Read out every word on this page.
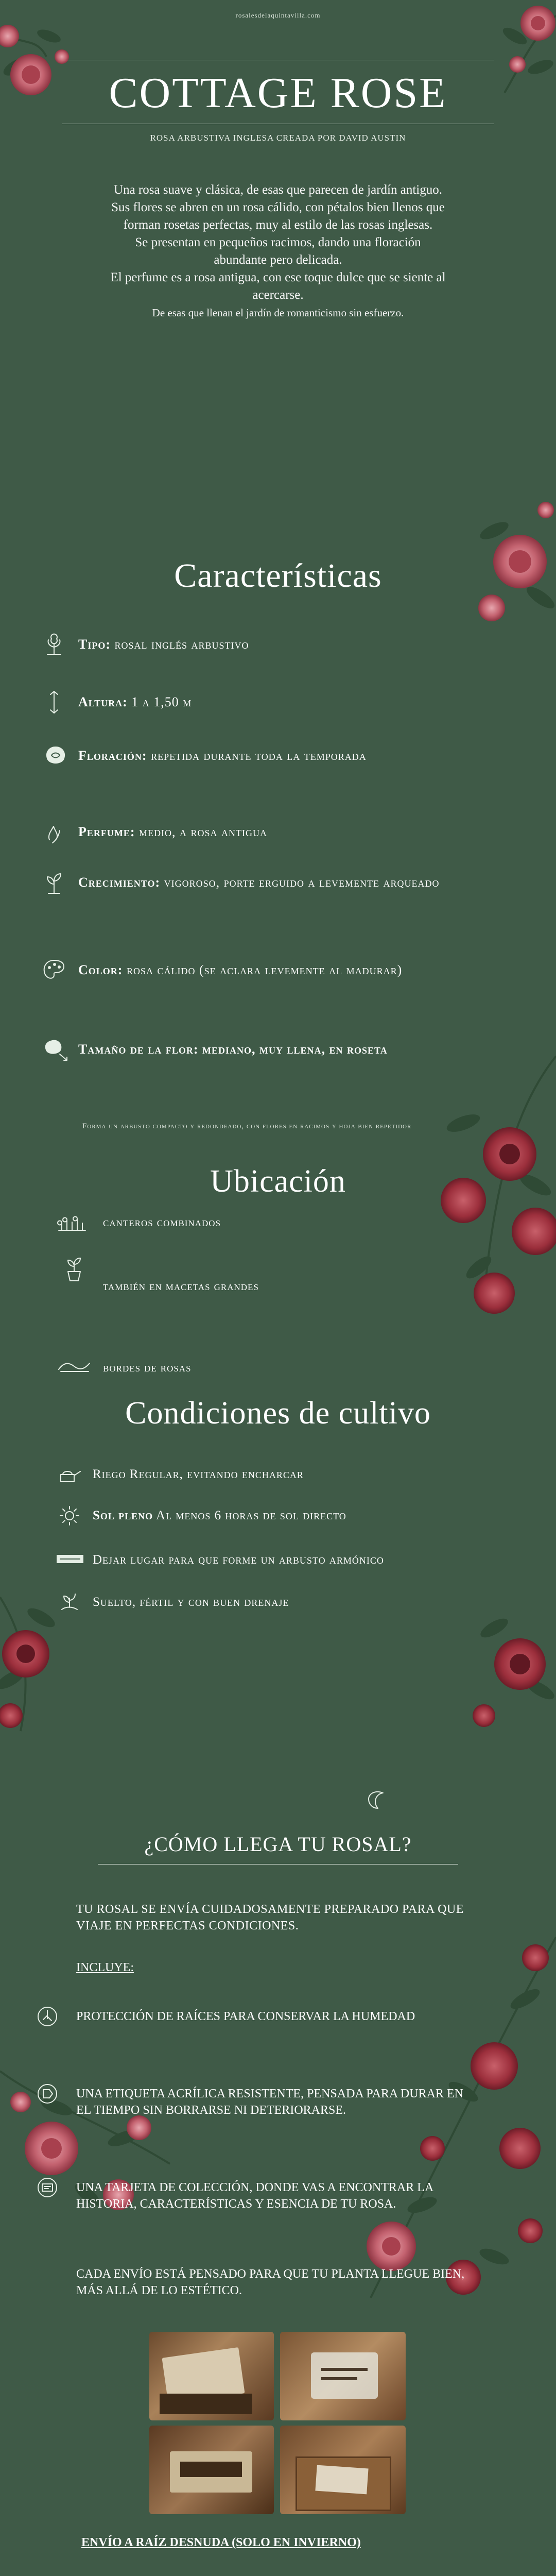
rosalesdelaquintavilla.com
COTTAGE ROSE
ROSA ARBUSTIVA INGLESA CREADA POR DAVID AUSTIN
Una rosa suave y clásica, de esas que parecen de jardín antiguo.
Sus flores se abren en un rosa cálido, con pétalos bien llenos que
forman rosetas perfectas, muy al estilo de las rosas inglesas.
Se presentan en pequeños racimos, dando una floración
abundante pero delicada.
El perfume es a rosa antigua, con ese toque dulce que se siente al
acercarse.
De esas que llenan el jardín de romanticismo sin esfuerzo.
Características
Tipo: rosal inglés arbustivo
Altura: 1 a 1,50 m
Floración: repetida durante toda la temporada
Perfume: medio, a rosa antigua
Crecimiento: vigoroso, porte erguido a levemente arqueado
Color: rosa cálido (se aclara levemente al madurar)
Tamaño de la flor: mediano, muy llena, en roseta
Forma un arbusto compacto y redondeado, con flores en racimos y hoja bien repetidor
Ubicación
canteros combinados
también en macetas grandes
bordes de rosas
Condiciones de cultivo
Riego Regular, evitando encharcar
Sol pleno Al menos 6 horas de sol directo
Dejar lugar para que forme un arbusto armónico
Suelto, fértil y con buen drenaje
¿CÓMO LLEGA TU ROSAL?
TU ROSAL SE ENVÍA CUIDADOSAMENTE PREPARADO PARA QUE VIAJE EN PERFECTAS CONDICIONES.
INCLUYE:
PROTECCIÓN DE RAÍCES PARA CONSERVAR LA HUMEDAD
UNA ETIQUETA ACRÍLICA RESISTENTE, PENSADA PARA DURAR EN EL TIEMPO SIN BORRARSE NI DETERIORARSE.
UNA TARJETA DE COLECCIÓN, DONDE VAS A ENCONTRAR LA HISTORIA, CARACTERÍSTICAS Y ESENCIA DE TU ROSA.
CADA ENVÍO ESTÁ PENSADO PARA QUE TU PLANTA LLEGUE BIEN, MÁS ALLÁ DE LO ESTÉTICO.
ENVÍO A RAÍZ DESNUDA (SOLO EN INVIERNO)
